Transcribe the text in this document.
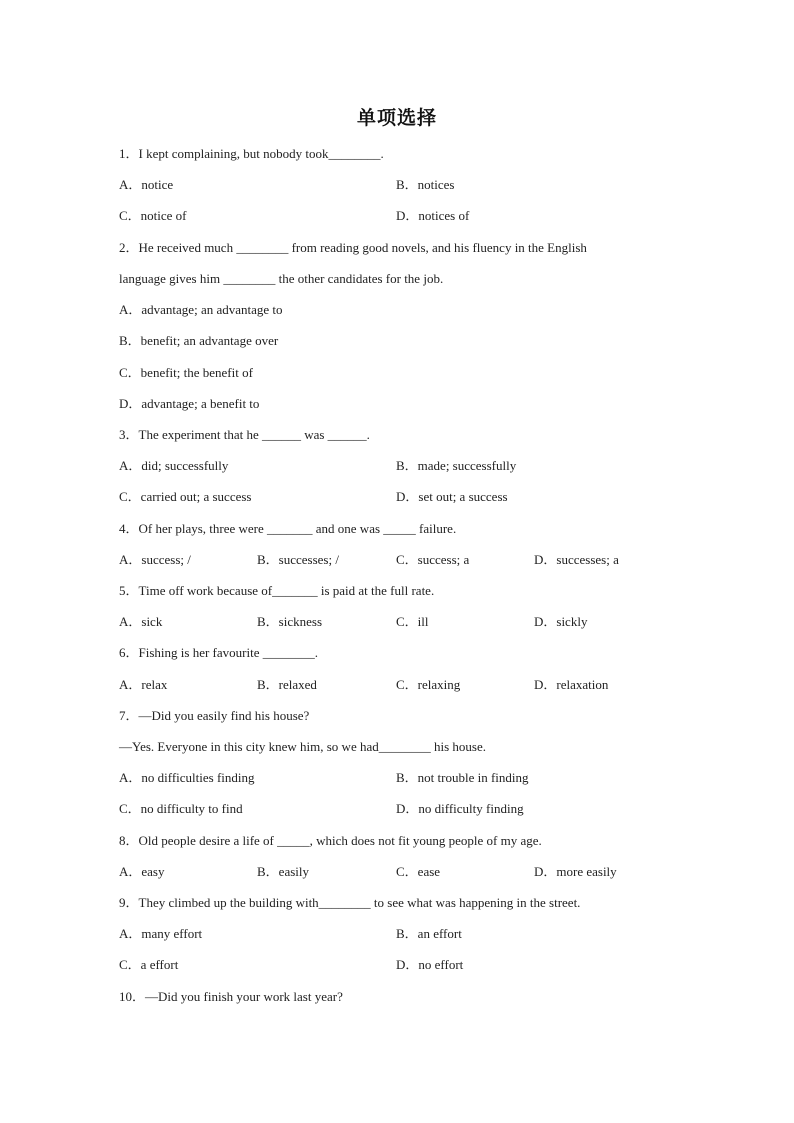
单项选择
1．I kept complaining, but nobody took________.
A．notice	B．notices
C．notice of	D．notices of
2．He received much ________ from reading good novels, and his fluency in the English
language gives him ________ the other candidates for the job.
A．advantage; an advantage to
B．benefit; an advantage over
C．benefit; the benefit of
D．advantage; a benefit to
3．The experiment that he ______ was ______.
A．did; successfully	B．made; successfully
C．carried out; a success	D．set out; a success
4．Of her plays, three were _______ and one was _____ failure.
A．success; /	B．successes; /	C．success; a	D．successes; a
5．Time off work because of_______ is paid at the full rate.
A．sick	B．sickness	C．ill	D．sickly
6．Fishing is her favourite ________.
A．relax	B．relaxed	C．relaxing	D．relaxation
7．—Did you easily find his house?
—Yes. Everyone in this city knew him, so we had________ his house.
A．no difficulties finding	B．not trouble in finding
C．no difficulty to find	D．no difficulty finding
8．Old people desire a life of _____, which does not fit young people of my age.
A．easy	B．easily	C．ease	D．more easily
9．They climbed up the building with________ to see what was happening in the street.
A．many effort	B．an effort
C．a effort	D．no effort
10．—Did you finish your work last year?
